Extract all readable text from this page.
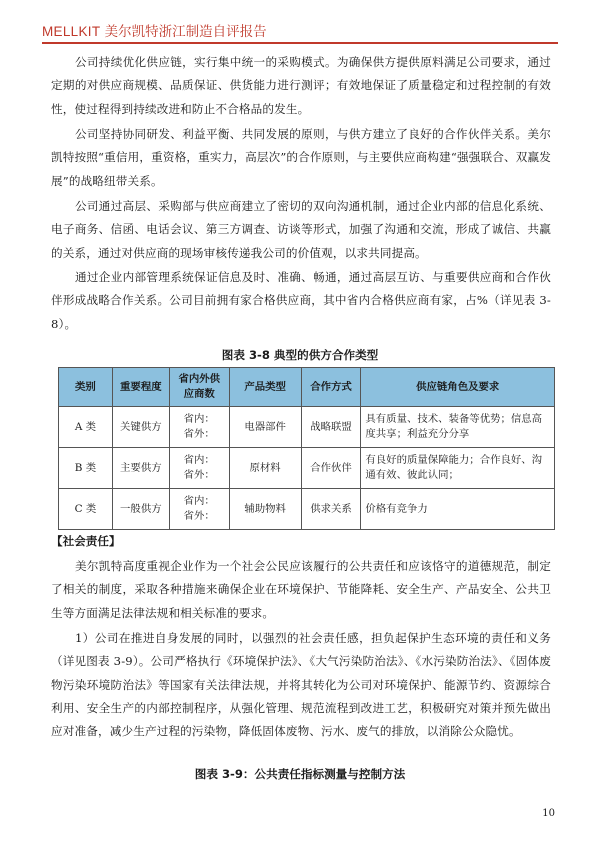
MELLKIT 美尔凯特浙江制造自评报告

公司持续优化供应链，实行集中统一的采购模式。为确保供方提供原料满足公司要求，通过定期的对供应商规模、品质保证、供货能力进行测评；有效地保证了质量稳定和过程控制的有效性，使过程得到持续改进和防止不合格品的发生。

公司坚持协同研发、利益平衡、共同发展的原则，与供方建立了良好的合作伙伴关系。美尔凯特按照“重信用，重资格，重实力，高层次”的合作原则，与主要供应商构建“强强联合、双赢发展”的战略纽带关系。

公司通过高层、采购部与供应商建立了密切的双向沟通机制，通过企业内部的信息化系统、电子商务、信函、电话会议、第三方调查、访谈等形式，加强了沟通和交流，形成了诚信、共赢的关系，通过对供应商的现场审核传递我公司的价值观，以求共同提高。

通过企业内部管理系统保证信息及时、准确、畅通，通过高层互访、与重要供应商和合作伙伴形成战略合作关系。公司目前拥有家合格供应商，其中省内合格供应商有家，占%（详见表 3-8）。

图表 3-8 典型的供方合作类型
类别	重要程度	省内外供应商数	产品类型	合作方式	供应链角色及要求
A 类	关键供方	省内：
省外：	电器部件	战略联盟	具有质量、技术、装备等优势；信息高度共享；利益充分分享
B 类	主要供方	省内：
省外：	原材料	合作伙伴	有良好的质量保障能力；合作良好、沟通有效、彼此认同；
C 类	一般供方	省内：
省外：	辅助物料	供求关系	价格有竞争力
【社会责任】

美尔凯特高度重视企业作为一个社会公民应该履行的公共责任和应该恪守的道德规范，制定了相关的制度，采取各种措施来确保企业在环境保护、节能降耗、安全生产、产品安全、公共卫生等方面满足法律法规和相关标准的要求。

1）公司在推进自身发展的同时，以强烈的社会责任感，担负起保护生态环境的责任和义务（详见图表 3-9）。公司严格执行《环境保护法》、《大气污染防治法》、《水污染防治法》、《固体废物污染环境防治法》等国家有关法律法规，并将其转化为公司对环境保护、能源节约、资源综合利用、安全生产的内部控制程序，从强化管理、规范流程到改进工艺，积极研究对策并预先做出应对准备，减少生产过程的污染物，降低固体废物、污水、废气的排放，以消除公众隐忧。

图表 3-9：公共责任指标测量与控制方法
10
